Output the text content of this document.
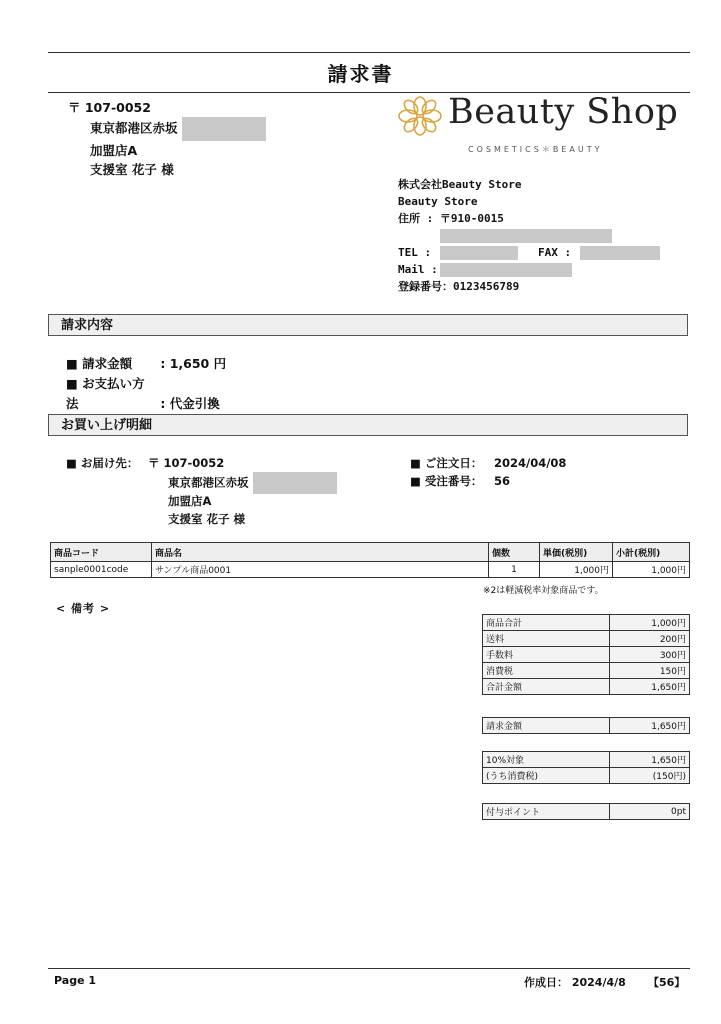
請求書
〒 107-0052
東京都港区赤坂
加盟店A
支援室 花子 様
Beauty Shop
COSMETICS＊BEAUTY
株式会社Beauty Store
Beauty Store
住所 : 〒910-0015
TEL :	FAX :
Mail :
登録番号：0123456789
請求内容
■ 請求金額 : 1,650 円
■ お支払い方法	: 代金引換
お買い上げ明細
■ お届け先： 〒 107-0052
東京都港区赤坂
加盟店A
支援室 花子 様
■ ご注文日： 2024/04/08
■ 受注番号： 56
商品コード	商品名	個数	単価(税別)	小計(税別)
sanple0001code	サンプル商品0001	1	1,000円	1,000円
※2は軽減税率対象商品です。
< 備考 >
商品合計	1,000円
送料	200円
手数料	300円
消費税	150円
合計金額	1,650円
請求金額	1,650円
10%対象	1,650円
(うち消費税)	(150円)
付与ポイント	0pt
Page 1	作成日： 2024/4/8 【56】
